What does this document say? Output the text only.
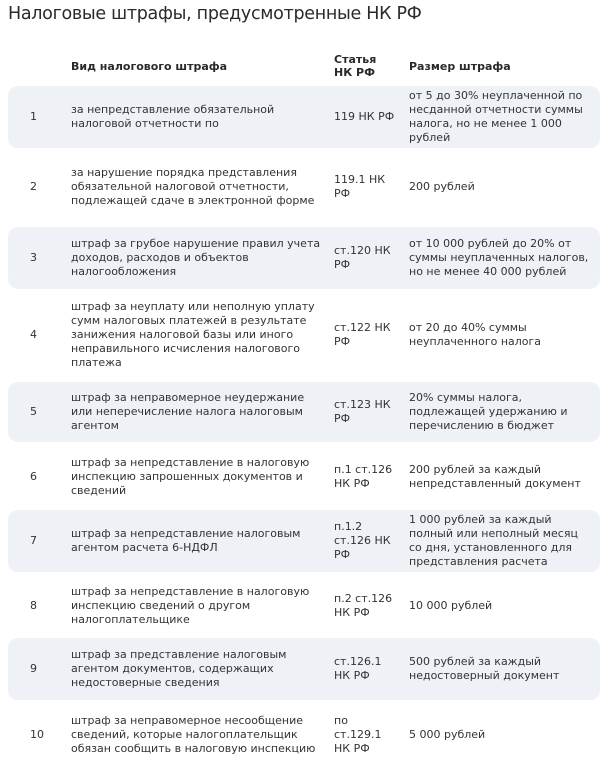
Налоговые штрафы, предусмотренные НК РФ
Вид налогового штрафа
Статья НК РФ	Размер штрафа
1
за непредставление обязательной налоговой отчетности по
119 НК РФ
от 5 до 30% неуплаченной по несданной отчетности суммы налога, но не менее 1 000 рублей
2
за нарушение порядка представления обязательной налоговой отчетности, подлежащей сдаче в электронной форме
119.1 НК РФ
200 рублей
3
штраф за грубое нарушение правил учета доходов, расходов и объектов налогообложения
ст.120 НК РФ
от 10 000 рублей до 20% от суммы неуплаченных налогов, но не менее 40 000 рублей
4
штраф за неуплату или неполную уплату сумм налоговых платежей в результате занижения налоговой базы или иного неправильного исчисления налогового платежа
ст.122 НК РФ
от 20 до 40% суммы неуплаченного налога
5
штраф за неправомерное неудержание или неперечисление налога налоговым агентом
ст.123 НК РФ
20% суммы налога, подлежащей удержанию и перечислению в бюджет
6
штраф за непредставление в налоговую инспекцию запрошенных документов и сведений
п.1 ст.126 НК РФ
200 рублей за каждый непредставленный документ
7
штраф за непредставление налоговым агентом расчета 6-НДФЛ
п.1.2 ст.126 НК РФ
1 000 рублей за каждый полный или неполный месяц со дня, установленного для представления расчета
8
штраф за непредставление в налоговую инспекцию сведений о другом налогоплательщике
п.2 ст.126 НК РФ
10 000 рублей
9
штраф за представление налоговым агентом документов, содержащих недостоверные сведения
ст.126.1 НК РФ
500 рублей за каждый недостоверный документ
10
штраф за неправомерное несообщение сведений, которые налогоплательщик обязан сообщить в налоговую инспекцию
по ст.129.1 НК РФ
5 000 рублей
